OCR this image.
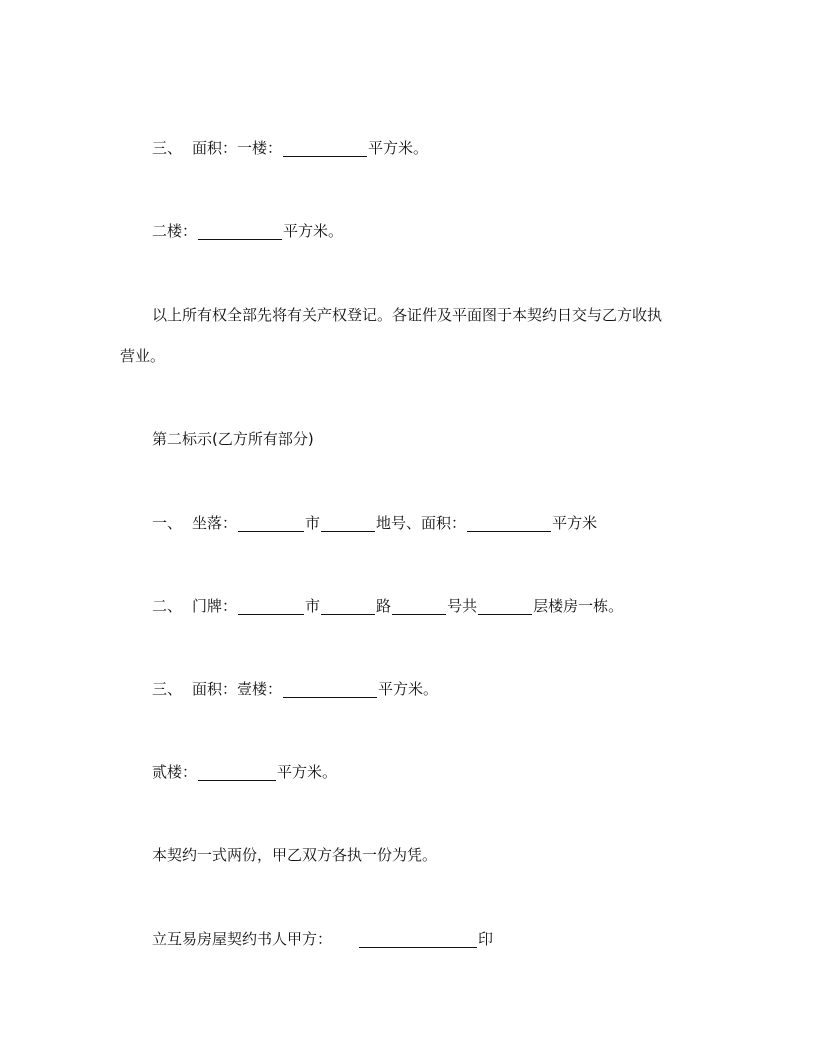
三、 面积：一楼：	平方米。
二楼：	平方米。
以上所有权全部先将有关产权登记。各证件及平面图于本契约日交与乙方收执
营业。
第二标示(乙方所有部分)
一、 坐落：	市	地号、面积：	平方米
二、 门牌：	市	路	号共	层楼房一栋。
三、 面积：壹楼：	平方米。
贰楼：	平方米。
本契约一式两份，甲乙双方各执一份为凭。
立互易房屋契约书人甲方：	印
